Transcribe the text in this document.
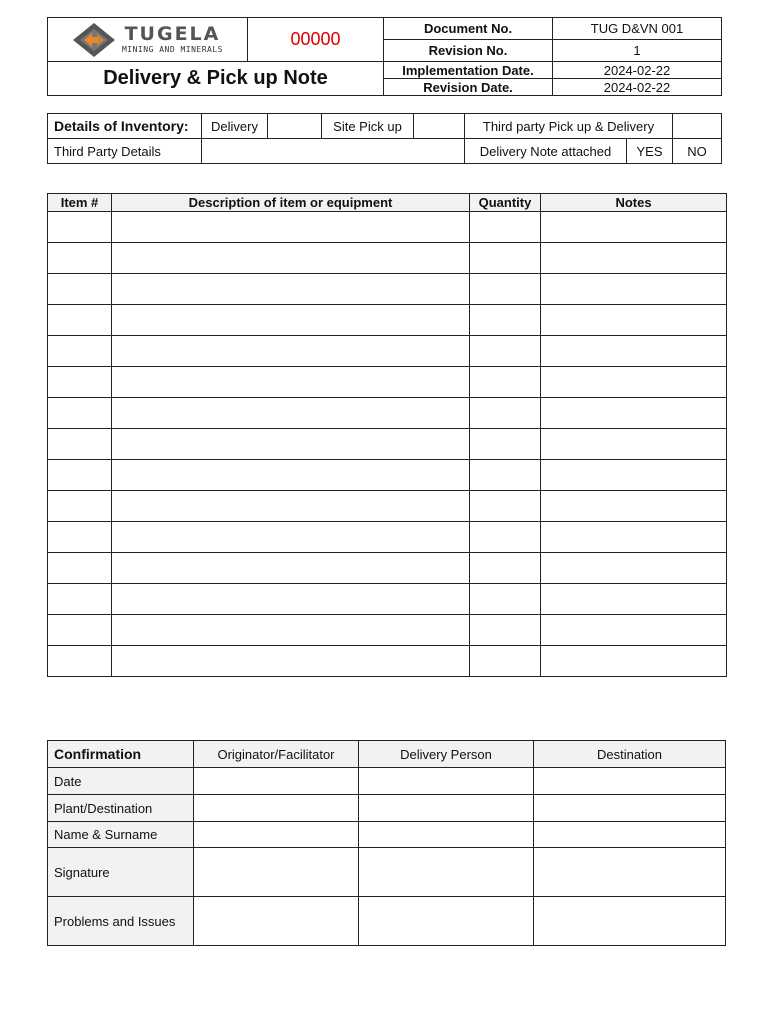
TUGELA
MINING AND MINERALS	00000	Document No.	TUG D&VN 001
		Revision No.	1
Delivery & Pick up Note		Implementation Date.	2024-02-22
		Revision Date.	2024-02-22
Details of Inventory:	Delivery		Site Pick up		Third party Pick up & Delivery		
Third Party Details					Delivery Note attached	YES	NO
Item #	Description of item or equipment	Quantity	Notes

Confirmation	Originator/Facilitator	Delivery Person	Destination
Date			
Plant/Destination			
Name & Surname			
Signature			
Problems and Issues			
